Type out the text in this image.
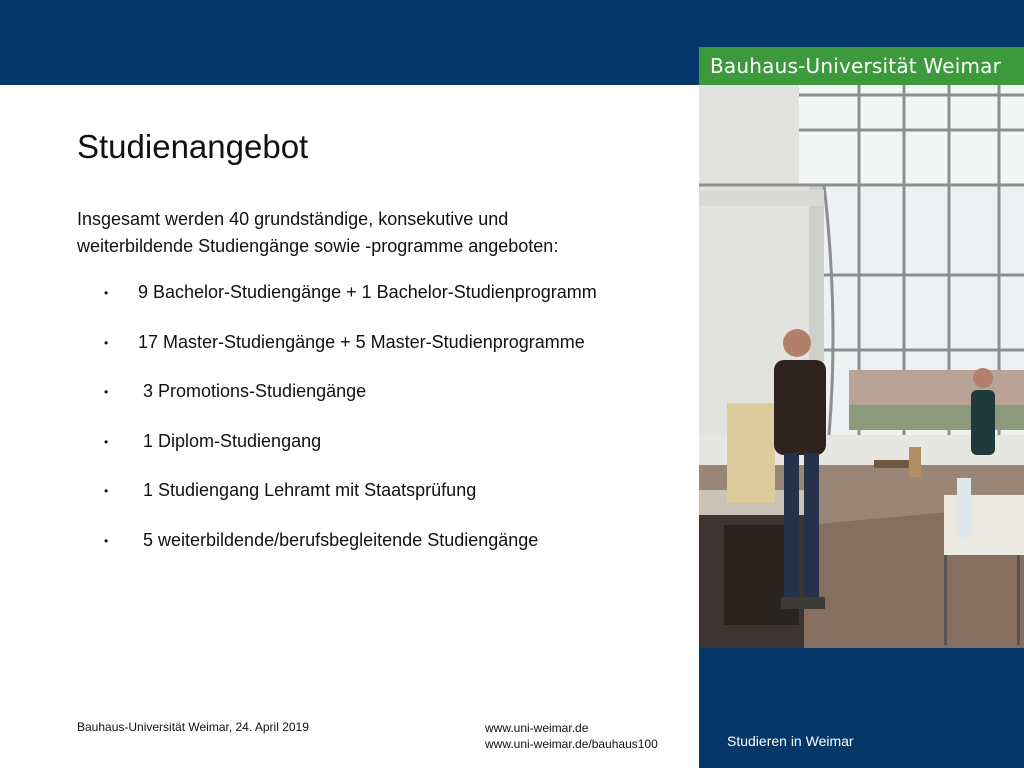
Bauhaus-Universität Weimar
Studienangebot

Insgesamt werden 40 grundständige, konsekutive und
weiterbildende Studiengänge sowie -programme angeboten:

• 9 Bachelor-Studiengänge + 1 Bachelor-Studienprogramm
• 17 Master-Studiengänge + 5 Master-Studienprogramme
• 3 Promotions-Studiengänge
• 1 Diplom-Studiengang
• 1 Studiengang Lehramt mit Staatsprüfung
• 5 weiterbildende/berufsbegleitende Studiengänge
Bauhaus-Universität Weimar, 24. April 2019	www.uni-weimar.de
www.uni-weimar.de/bauhaus100	Studieren in Weimar
